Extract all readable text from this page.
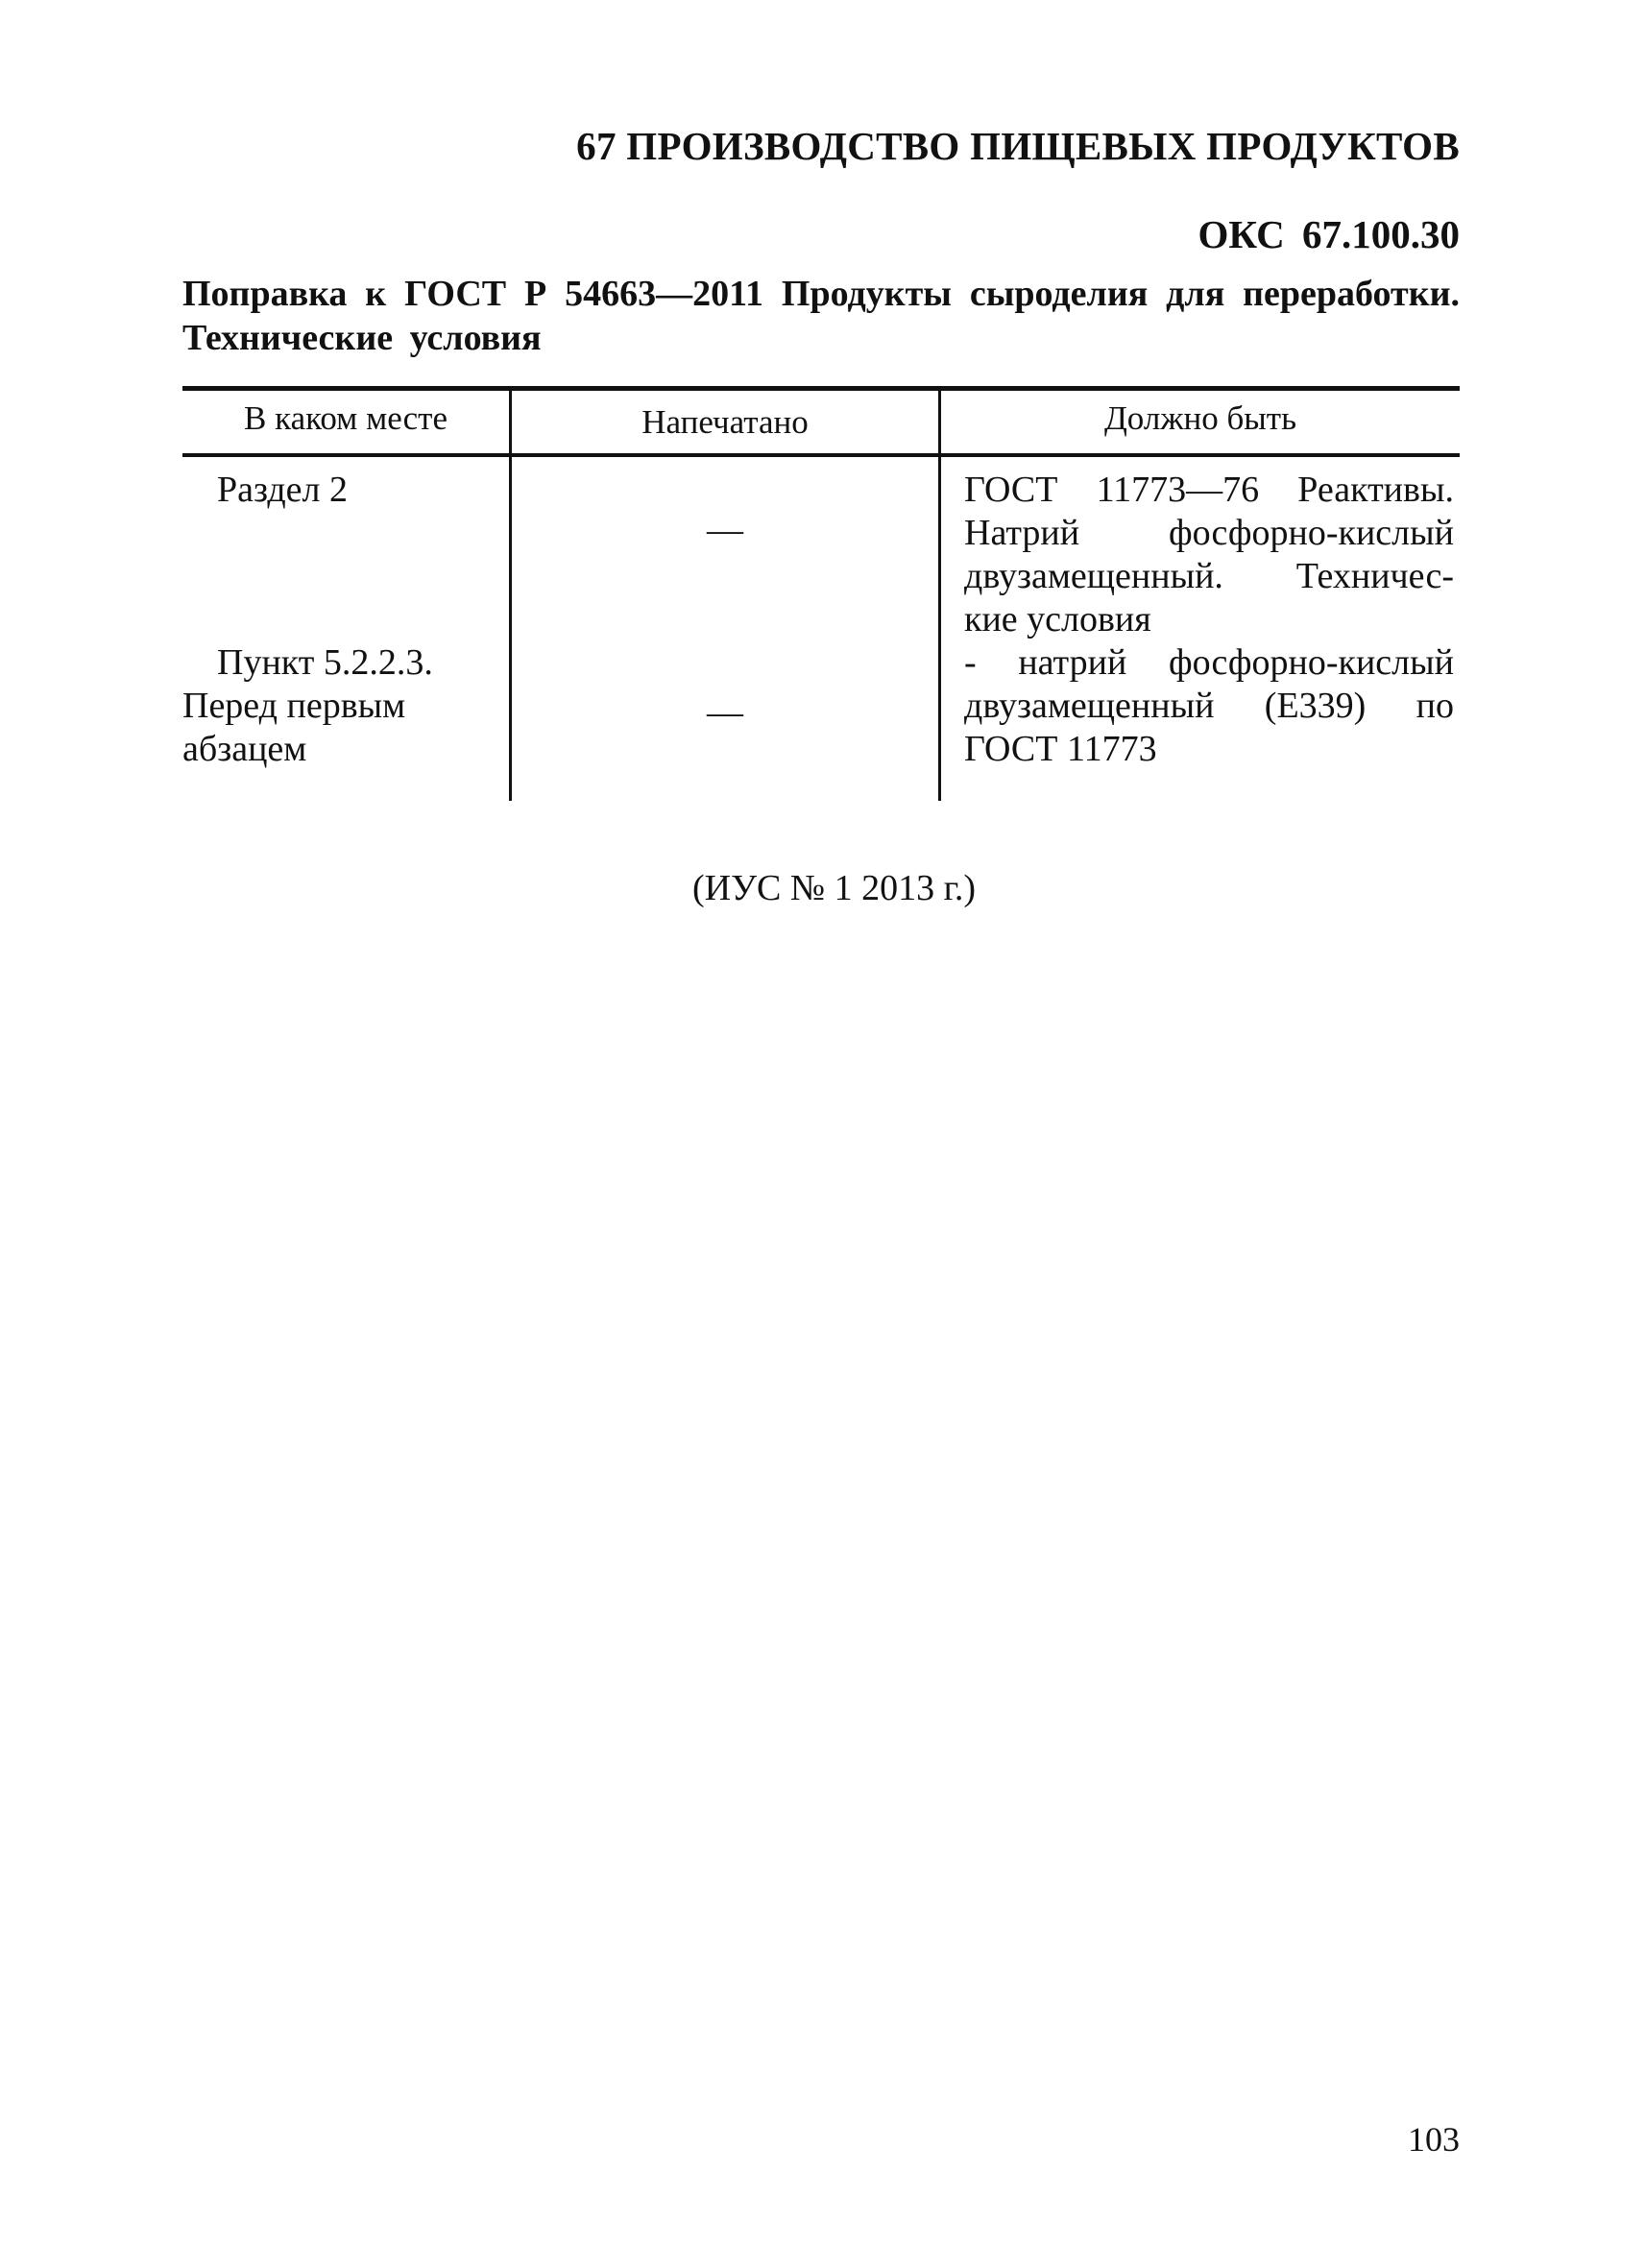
67 ПРОИЗВОДСТВО ПИЩЕВЫХ ПРОДУКТОВ
ОКС 67.100.30
Поправка к ГОСТ Р 54663—2011 Продукты сыроделия для переработки.
Технические условия
В каком месте	Напечатано	Должно быть
Раздел 2
—
ГОСТ 11773—76 Реактивы.
Натрий фосфорно-кислый
двузамещенный. Техничес-
кие условия
Пункт 5.2.2.3.
Перед первым
абзацем
—
- натрий фосфорно-кислый
двузамещенный (Е339) по
ГОСТ 11773
(ИУС № 1 2013 г.)
103
